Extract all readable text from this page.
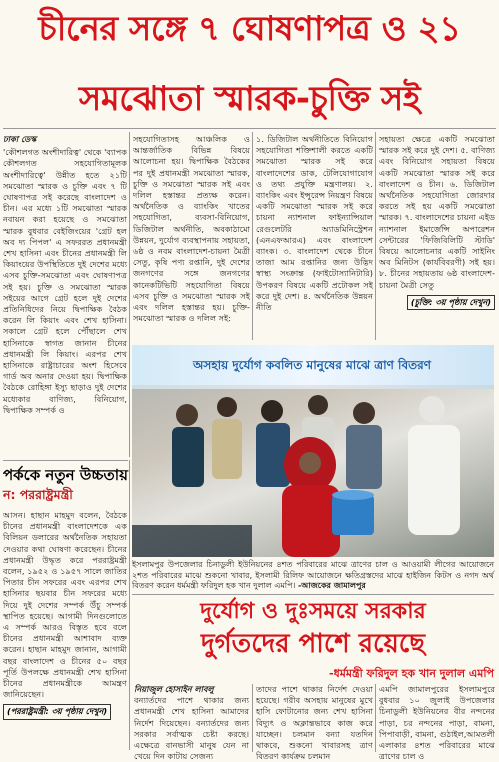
চীনের সঙ্গে ৭ ঘোষণাপত্র ও ২১
সমঝোতা স্মারক-চুক্তি সই

ঢাকা ডেস্ক

'কৌশলগত অংশীদারিত্ব' থেকে 'ব্যাপক কৌশলগত সহযোগিতামূলক অংশীদারিত্বে' উন্নীত হতে ২১টি সমঝোতা স্মারক ও চুক্তি এবং ৭ টি ঘোষণাপত্র সই করেছে বাংলাদেশ ও চীন। এর মধ্যে ১টি সমঝোতা স্মারক নবায়ন করা হয়েছে ও সমঝোতা স্মারক বুধবার বেইজিংয়ের 'গ্রেট হল অব দ্য পিপল' এ সফররত প্রধানমন্ত্রী শেখ হাসিনা এবং চীনের প্রধানমন্ত্রী লি কিয়াংয়ের উপস্থিতিতে দুই দেশের মধ্যে এসব চুক্তি-সমঝোতা এবং ঘোষণাপত্র সই হয়। চুক্তি ও সমঝোতা স্মারক সইয়ের আগে গ্রেট হলে দুই দেশের প্রতিনিধিদের নিয়ে দ্বিপাক্ষিক বৈঠক করেন লি কিয়াং এবং শেখ হাসিনা। সকালে গ্রেট হলে পৌঁছালে শেখ হাসিনাকে স্বাগত জানান চীনের প্রধানমন্ত্রী লি কিয়াং। এরপর শেখ হাসিনাকে রাষ্ট্রাচারের অংশ হিসেবে গার্ড অব অনার দেওয়া হয়। দ্বিপাক্ষিক বৈঠকে রোহিঙ্গা ইস্যু ছাড়াও দুই দেশের মধ্যেকার বাণিজ্য, বিনিয়োগ, দ্বিপাক্ষিক সম্পর্ক ও

সহযোগিতাসহ আঞ্চলিক ও আন্তর্জাতিক বিভিন্ন বিষয়ে আলোচনা হয়। দ্বিপাক্ষিক বৈঠকের পর দুই প্রধানমন্ত্রী সমঝোতা স্মারক, চুক্তি ও সমঝোতা স্মারক সই এবং দলিল হস্তান্তর প্রত্যক্ষ করেন। অর্থনৈতিক ও ব্যাংকিং খাতের সহযোগিতা, ব্যবসা-বিনিয়োগ, ডিজিটাল অর্থনীতি, অবকাঠামো উন্নয়ন, দুর্যোগ ব্যবস্থাপনায় সহায়তা, ৬ষ্ঠ ও নবম বাংলাদেশ-চায়না মৈত্রী সেতু, কৃষি পণ্য রপ্তানি, দুই দেশের জনগণের সঙ্গে জনগণের কানেকটিভিটি সহযোগিতা বিষয়ে এসব চুক্তি ও সমঝোতা স্মারক সই এবং দলিল হস্তান্তর হয়। চুক্তি-সমঝোতা স্মারক ও দলিল সই:

১. ডিজিটাল অর্থনীতিতে বিনিয়োগ সহযোগিতা শক্তিশালী করতে একটি সমঝোতা স্মারক সই করে বাংলাদেশের ডাক, টেলিযোগাযোগ ও তথ্য প্রযুক্তি মন্ত্রণালয়। ২. ব্যাংকিং এবং ইন্সুরেন্স নিয়ন্ত্রণ বিষয়ে একটি সমঝোতা স্মারক সই করে চায়না ন্যাশনাল ফাইন্যান্সিয়াল রেগুলেটরি অ্যাডমিনিস্ট্রেশন (এনএফআরএ) এবং বাংলাদেশ ব্যাংক। ৩. বাংলাদেশ থেকে চীনে তাজা আম রপ্তানির জন্য উদ্ভিদ স্বাস্থ্য সংক্রান্ত (ফাইটোস্যানিটারি) উপকরণ বিষয়ে একটি প্রটোকল সই করে দুই দেশ। ৪. অর্থনৈতিক উন্নয়ন নীতি

সহায়তা ক্ষেত্রে একটি সমঝোতা স্মারক সই করে দুই দেশ। ৫. বাণিজ্য এবং বিনিয়োগ সহায়তা বিষয়ে একটি সমঝোতা স্মারক সই করে বাংলাদেশ ও চীন। ৬. ডিজিটাল অর্থনৈতিক সহযোগিতা জোরদার করতে সই হয় একটি সমঝোতা স্মারক। ৭. বাংলাদেশের চায়না এইড ন্যাশনাল ইমার্জেন্সি অপারেশন সেন্টারের 'ফিজিবিলিটি স্টাডি' বিষয়ে আলোচনার একটি সাইনিং অব মিনিটস (কার্যবিবরণী) সই হয়। ৮. চীনের সহায়তায় ৬ষ্ঠ বাংলাদেশ-চায়না মৈত্রী সেতু

(চুক্তি: ৩য় পৃষ্ঠায় দেখুন)

অসহায় দুর্যোগ কবলিত মানুষের মাঝে ত্রাণ বিতরণ
ইসলামপুর উপজেলার চিনাডুলী ইউনিয়নের ৪শত পরিবারের মাঝে ত্রাণের চাল ও আওয়ামী লীগের আয়োজনে ২শত পরিবারের মাঝে শুকনো খাবার, ইসলামী রিলিফ আয়োজনে ক্ষতিগ্রস্তদের মাঝে হাইজিন কিটস ও নগদ অর্থ বিতরণ করেন ধর্মমন্ত্রী ফরিদুল হক খান দুলাল এমপি। -আজকের জামালপুর
পর্ককে নতুন উচ্চতায়
ন: পররাষ্ট্রমন্ত্রী

আসন। হাছান মাহমুদ বলেন, বৈঠকে চীনের প্রধানমন্ত্রী বাংলাদেশকে এক বিলিয়ন ডলারের অর্থনৈতিক সহায়তা দেওয়ার কথা ঘোষণা করেছেন। চীনের প্রধানমন্ত্রী উদ্ধৃত করে পররাষ্ট্রমন্ত্রী বলেন, ১৯৫২ ও ১৯৫৭ সালে জাতির পিতার চীন সফরের এবং এরপর শেখ হাসিনার ছয়বার চীন সফরের মধ্যে দিয়ে দুই দেশের সম্পর্ক উঁচু সম্পর্ক স্থাপিত হয়েছে। আগামী দিনগুলোতে এ সম্পর্ক আরও বিস্তৃত হবে বলে চীনের প্রধানমন্ত্রী আশাবাদ ব্যক্ত করেন। হাছান মাহমুদ জানান, আগামী বছর বাংলাদেশ ও চীনের ৫০ বছর পূর্তি উপলক্ষে প্রধানমন্ত্রী শেখ হাসিনা চীনের প্রধানমন্ত্রীকে আমন্ত্রণ জানিয়েছেন।

(পররাষ্ট্রমন্ত্রী: ৩য় পৃষ্ঠায় দেখুন)

দুর্যোগ ও দুঃসময়ে সরকার
দুর্গতদের পাশে রয়েছে
-ধর্মমন্ত্রী ফরিদুল হক খান দুলাল এমপি
নিয়াজুল হোসাইন লাবলু
বন্যার্তদের পাশে থাকার জন্য প্রধানমন্ত্রী শেখ হাসিনা আমাদের নির্দেশ দিয়েছেন। বন্যার্তদের জন্য সরকার সর্বাত্মক চেষ্টা করছে। এক্ষেত্রে বানভাসী মানুষ যেন না খেয়ে দিন কাটায় সেজন্য
তাদের পাশে থাকার নির্দেশ দেওয়া হয়েছে। গরীব অসহায় মানুষের মুখে হাসি ফোটানোর জন্য শেখ হাসিনা বিদ্যুৎ ও অক্লান্তভাবে কাজ করে যাচ্ছেন। চলমান বন্যা যতদিন থাকবে, শুকনো খাবারসহ ত্রাণ বিতরণ কার্যক্রম চলমান
এমপি জামালপুরের ইসলামপুরে বুধবার ১০ জুলাই উপজেলার চিনাডুলী ইউনিয়নের বীর নন্দনের পাড়া, চর নন্দনের পাড়া, বামনা, পিপাবাড়ী, বামনা, গুঠাইল,আমতলী এলাকার ৪শত পরিবারের মাঝে ত্রাণের চাল ও
